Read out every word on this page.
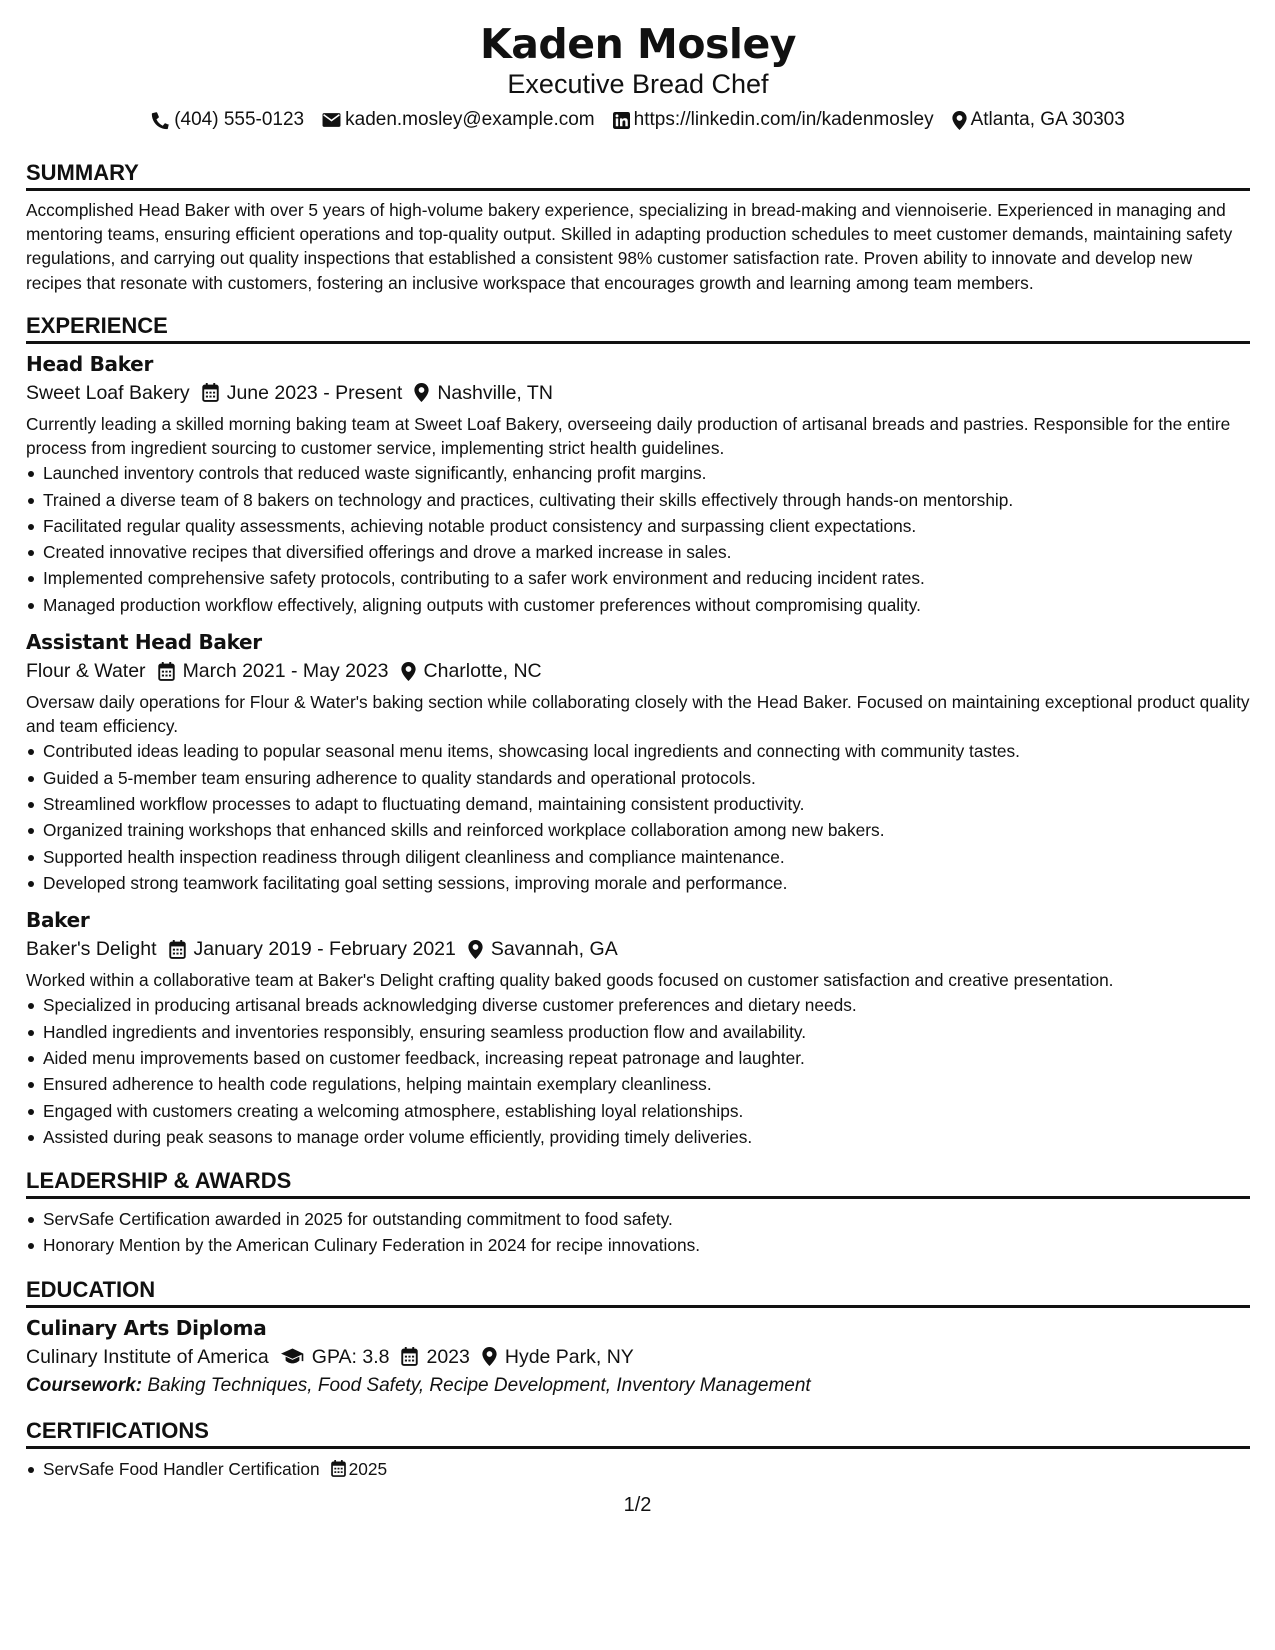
Kaden Mosley
Executive Bread Chef
(404) 555-0123 kaden.mosley@example.com https://linkedin.com/in/kadenmosley Atlanta, GA 30303
SUMMARY
Accomplished Head Baker with over 5 years of high-volume bakery experience, specializing in bread-making and viennoiserie. Experienced in managing and mentoring teams, ensuring efficient operations and top-quality output. Skilled in adapting production schedules to meet customer demands, maintaining safety regulations, and carrying out quality inspections that established a consistent 98% customer satisfaction rate. Proven ability to innovate and develop new recipes that resonate with customers, fostering an inclusive workspace that encourages growth and learning among team members.
EXPERIENCE
Head Baker
Sweet Loaf Bakery June 2023 - Present Nashville, TN
Currently leading a skilled morning baking team at Sweet Loaf Bakery, overseeing daily production of artisanal breads and pastries. Responsible for the entire process from ingredient sourcing to customer service, implementing strict health guidelines.
Launched inventory controls that reduced waste significantly, enhancing profit margins.
Trained a diverse team of 8 bakers on technology and practices, cultivating their skills effectively through hands-on mentorship.
Facilitated regular quality assessments, achieving notable product consistency and surpassing client expectations.
Created innovative recipes that diversified offerings and drove a marked increase in sales.
Implemented comprehensive safety protocols, contributing to a safer work environment and reducing incident rates.
Managed production workflow effectively, aligning outputs with customer preferences without compromising quality.
Assistant Head Baker
Flour & Water March 2021 - May 2023 Charlotte, NC
Oversaw daily operations for Flour & Water's baking section while collaborating closely with the Head Baker. Focused on maintaining exceptional product quality and team efficiency.
Contributed ideas leading to popular seasonal menu items, showcasing local ingredients and connecting with community tastes.
Guided a 5-member team ensuring adherence to quality standards and operational protocols.
Streamlined workflow processes to adapt to fluctuating demand, maintaining consistent productivity.
Organized training workshops that enhanced skills and reinforced workplace collaboration among new bakers.
Supported health inspection readiness through diligent cleanliness and compliance maintenance.
Developed strong teamwork facilitating goal setting sessions, improving morale and performance.
Baker
Baker's Delight January 2019 - February 2021 Savannah, GA
Worked within a collaborative team at Baker's Delight crafting quality baked goods focused on customer satisfaction and creative presentation.
Specialized in producing artisanal breads acknowledging diverse customer preferences and dietary needs.
Handled ingredients and inventories responsibly, ensuring seamless production flow and availability.
Aided menu improvements based on customer feedback, increasing repeat patronage and laughter.
Ensured adherence to health code regulations, helping maintain exemplary cleanliness.
Engaged with customers creating a welcoming atmosphere, establishing loyal relationships.
Assisted during peak seasons to manage order volume efficiently, providing timely deliveries.
LEADERSHIP & AWARDS
ServSafe Certification awarded in 2025 for outstanding commitment to food safety.
Honorary Mention by the American Culinary Federation in 2024 for recipe innovations.
EDUCATION
Culinary Arts Diploma
Culinary Institute of America GPA: 3.8 2023 Hyde Park, NY
Coursework: Baking Techniques, Food Safety, Recipe Development, Inventory Management
CERTIFICATIONS
ServSafe Food Handler Certification 2025
1/2
